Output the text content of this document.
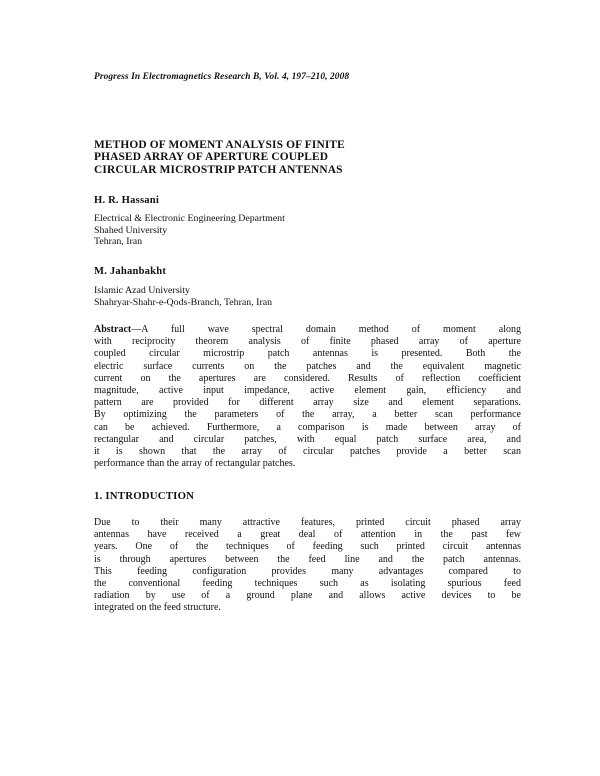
Progress In Electromagnetics Research B, Vol. 4, 197–210, 2008
METHOD OF MOMENT ANALYSIS OF FINITE
PHASED ARRAY OF APERTURE COUPLED
CIRCULAR MICROSTRIP PATCH ANTENNAS
H. R. Hassani
Electrical & Electronic Engineering Department
Shahed University
Tehran, Iran
M. Jahanbakht
Islamic Azad University
Shahryar-Shahr-e-Qods-Branch, Tehran, Iran
Abstract—A full wave spectral domain method of moment along
with reciprocity theorem analysis of finite phased array of aperture
coupled circular microstrip patch antennas is presented. Both the
electric surface currents on the patches and the equivalent magnetic
current on the apertures are considered. Results of reflection coefficient
magnitude, active input impedance, active element gain, efficiency and
pattern are provided for different array size and element separations.
By optimizing the parameters of the array, a better scan performance
can be achieved. Furthermore, a comparison is made between array of
rectangular and circular patches, with equal patch surface area, and
it is shown that the array of circular patches provide a better scan
performance than the array of rectangular patches.
1. INTRODUCTION
Due to their many attractive features, printed circuit phased array
antennas have received a great deal of attention in the past few
years. One of the techniques of feeding such printed circuit antennas
is through apertures between the feed line and the patch antennas.
This feeding configuration provides many advantages compared to
the conventional feeding techniques such as isolating spurious feed
radiation by use of a ground plane and allows active devices to be
integrated on the feed structure.
